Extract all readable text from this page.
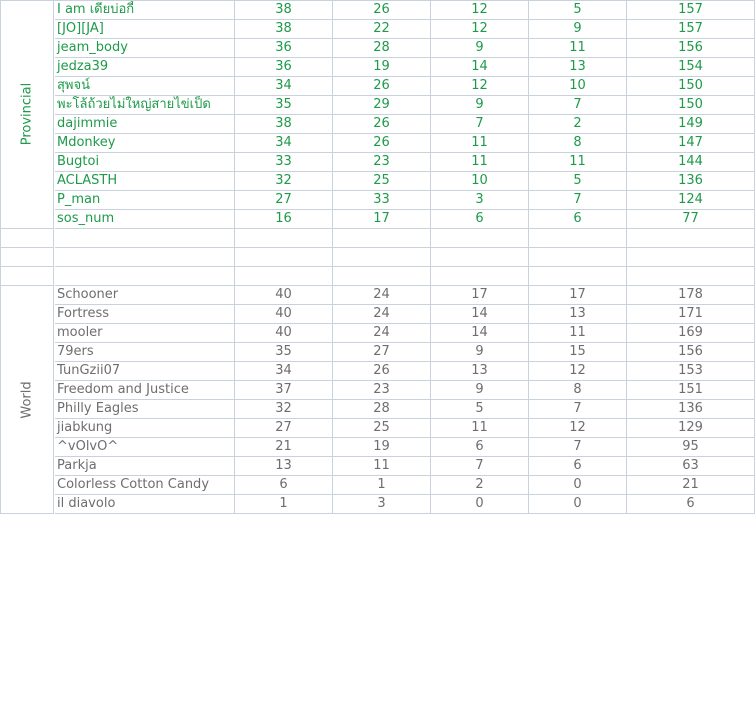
Provincial
I am เดียบ่อกี้	38	26	12	5	157
[JO][JA]	38	22	12	9	157
jeam_body	36	28	9	11	156
jedza39	36	19	14	13	154
สุพจน์	34	26	12	10	150
พะโล้ถ้วยไม่ใหญ่สายไข่เป็ด	35	29	9	7	150
dajimmie	38	26	7	2	149
Mdonkey	34	26	11	8	147
Bugtoi	33	23	11	11	144
ACLASTH	32	25	10	5	136
P_man	27	33	3	7	124
sos_num	16	17	6	6	77
World
Schooner	40	24	17	17	178
Fortress	40	24	14	13	171
mooler	40	24	14	11	169
79ers	35	27	9	15	156
TunGzii07	34	26	13	12	153
Freedom and Justice	37	23	9	8	151
Philly Eagles	32	28	5	7	136
jiabkung	27	25	11	12	129
^vOlvO^	21	19	6	7	95
Parkja	13	11	7	6	63
Colorless Cotton Candy	6	1	2	0	21
il diavolo	1	3	0	0	6
